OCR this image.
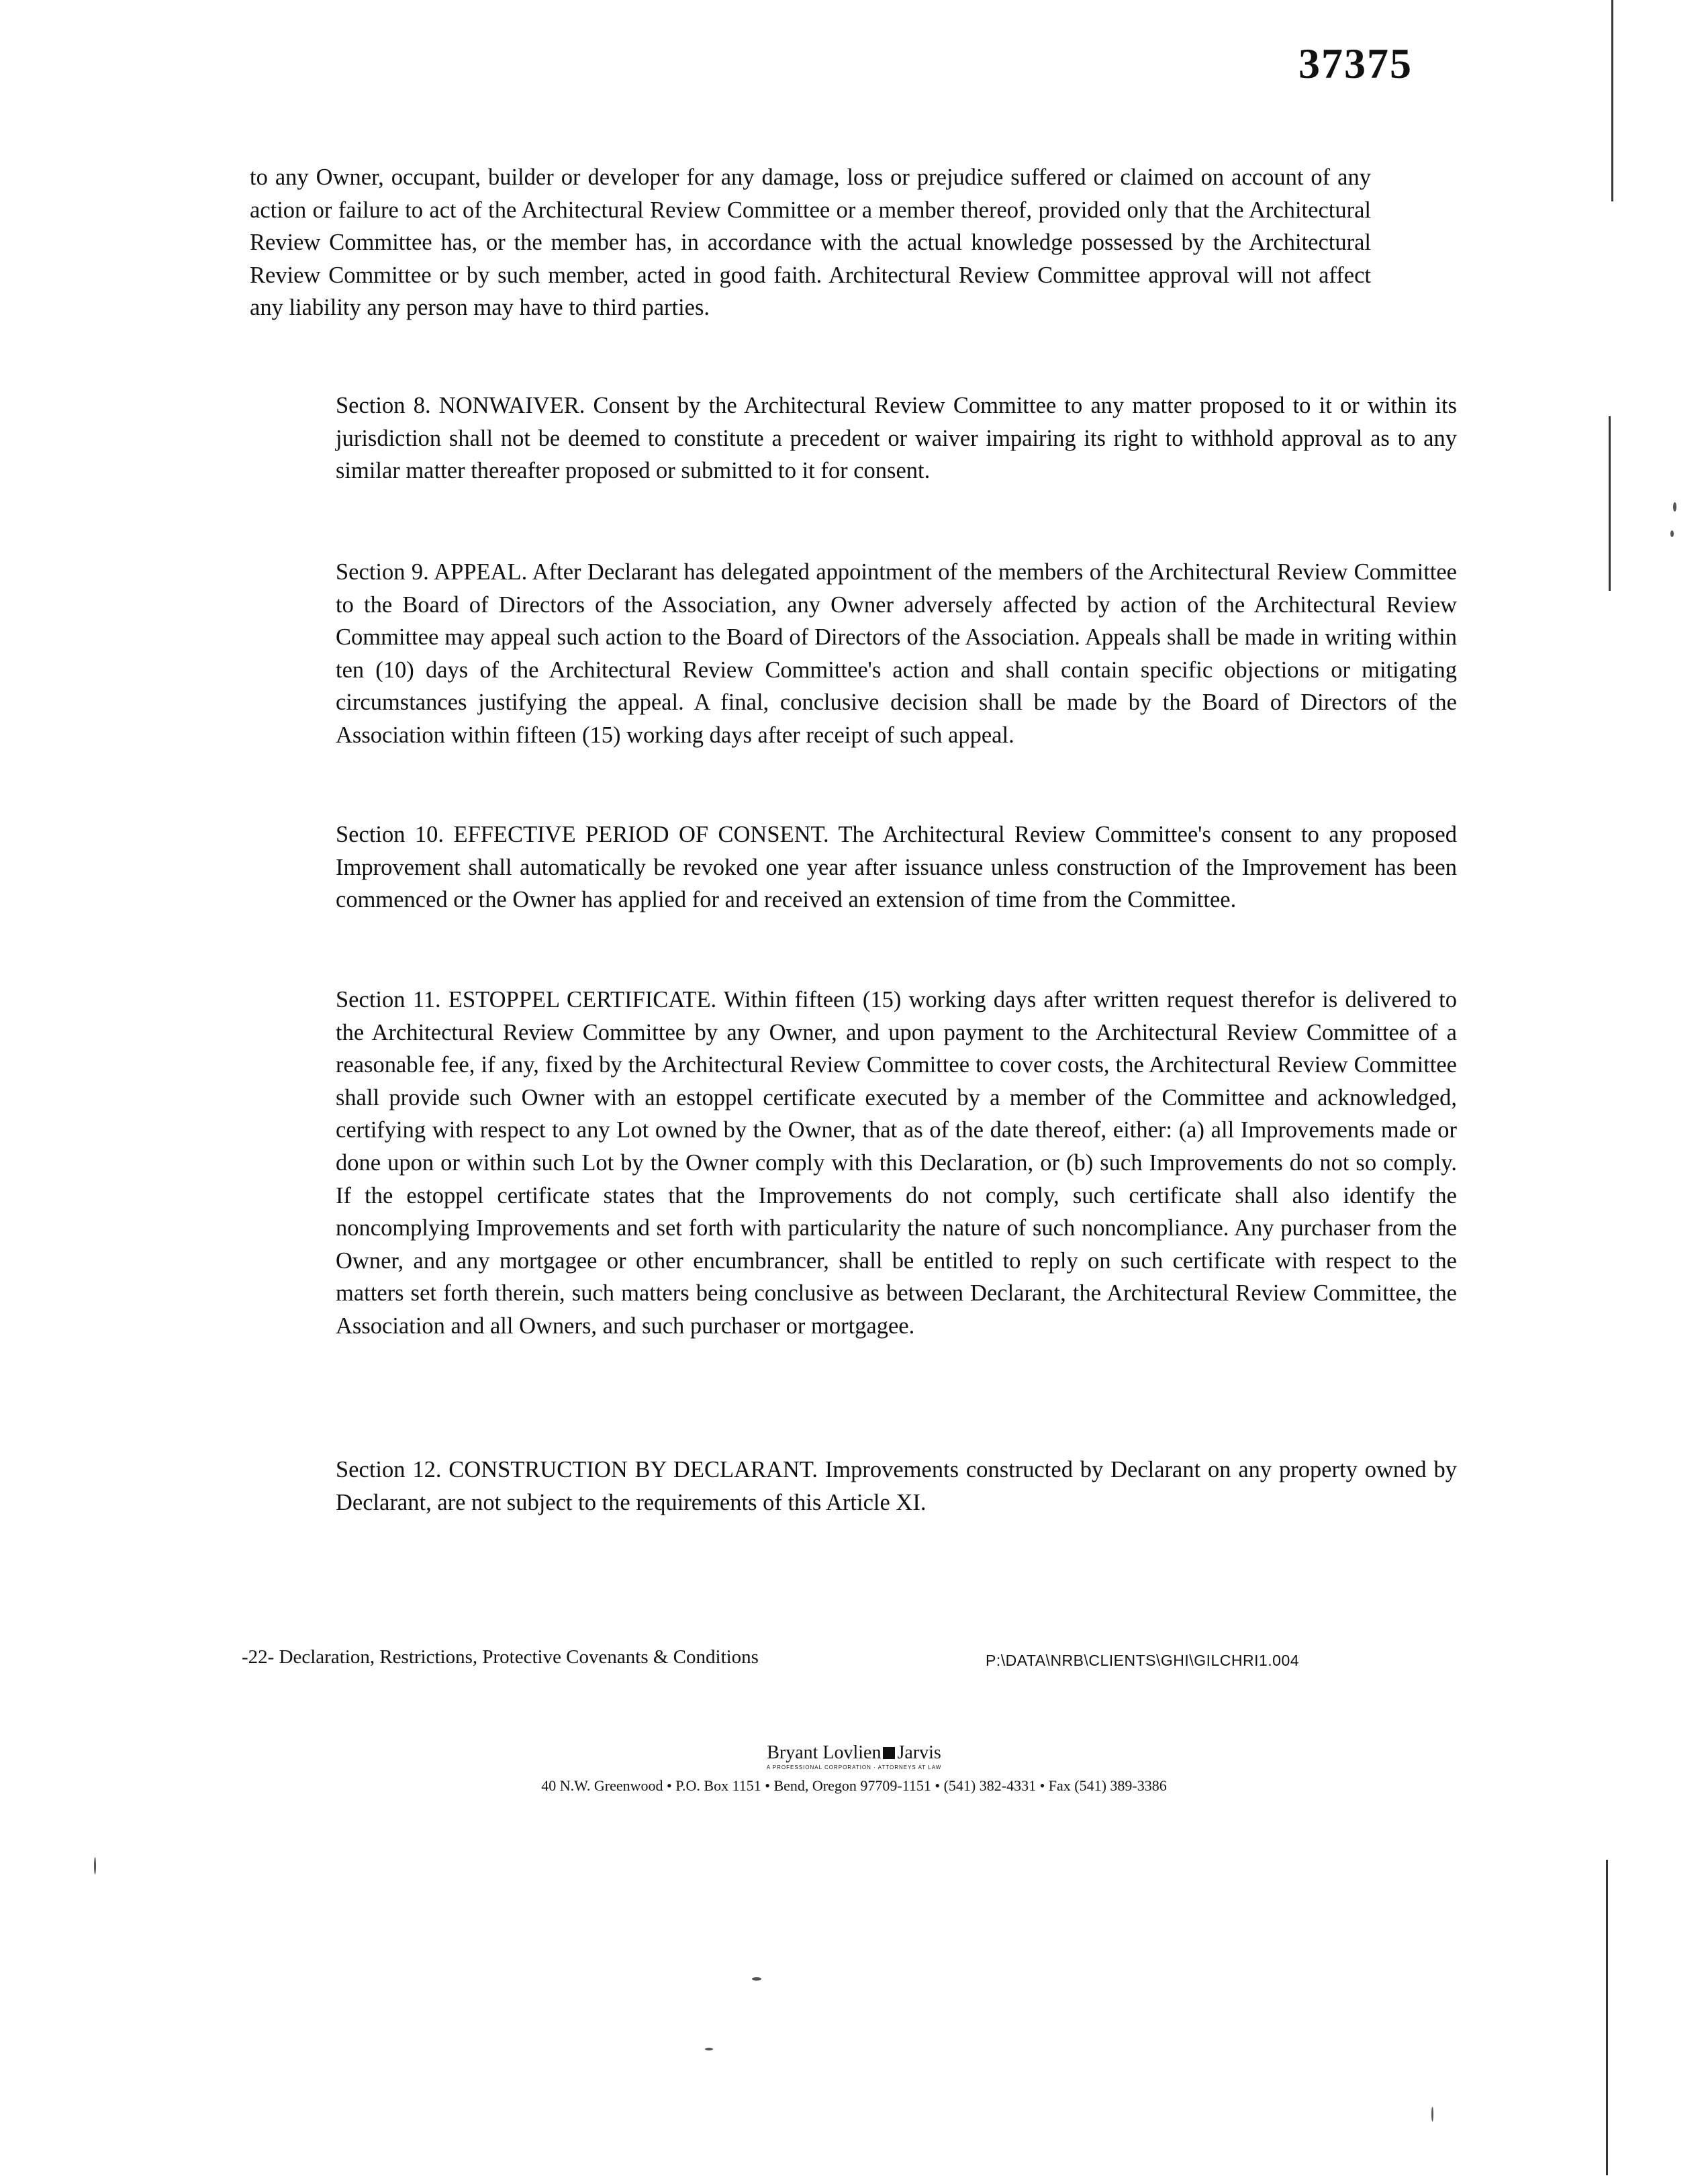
37375

to any Owner, occupant, builder or developer for any damage, loss or prejudice suffered or claimed on account of any action or failure to act of the Architectural Review Committee or a member thereof, provided only that the Architectural Review Committee has, or the member has, in accordance with the actual knowledge possessed by the Architectural Review Committee or by such member, acted in good faith. Architectural Review Committee approval will not affect any liability any person may have to third parties.

Section 8. NONWAIVER. Consent by the Architectural Review Committee to any matter proposed to it or within its jurisdiction shall not be deemed to constitute a precedent or waiver impairing its right to withhold approval as to any similar matter thereafter proposed or submitted to it for consent.

Section 9. APPEAL. After Declarant has delegated appointment of the members of the Architectural Review Committee to the Board of Directors of the Association, any Owner adversely affected by action of the Architectural Review Committee may appeal such action to the Board of Directors of the Association. Appeals shall be made in writing within ten (10) days of the Architectural Review Committee's action and shall contain specific objections or mitigating circumstances justifying the appeal. A final, conclusive decision shall be made by the Board of Directors of the Association within fifteen (15) working days after receipt of such appeal.

Section 10. EFFECTIVE PERIOD OF CONSENT. The Architectural Review Committee's consent to any proposed Improvement shall automatically be revoked one year after issuance unless construction of the Improvement has been commenced or the Owner has applied for and received an extension of time from the Committee.

Section 11. ESTOPPEL CERTIFICATE. Within fifteen (15) working days after written request therefor is delivered to the Architectural Review Committee by any Owner, and upon payment to the Architectural Review Committee of a reasonable fee, if any, fixed by the Architectural Review Committee to cover costs, the Architectural Review Committee shall provide such Owner with an estoppel certificate executed by a member of the Committee and acknowledged, certifying with respect to any Lot owned by the Owner, that as of the date thereof, either: (a) all Improvements made or done upon or within such Lot by the Owner comply with this Declaration, or (b) such Improvements do not so comply. If the estoppel certificate states that the Improvements do not comply, such certificate shall also identify the noncomplying Improvements and set forth with particularity the nature of such noncompliance. Any purchaser from the Owner, and any mortgagee or other encumbrancer, shall be entitled to reply on such certificate with respect to the matters set forth therein, such matters being conclusive as between Declarant, the Architectural Review Committee, the Association and all Owners, and such purchaser or mortgagee.

Section 12. CONSTRUCTION BY DECLARANT. Improvements constructed by Declarant on any property owned by Declarant, are not subject to the requirements of this Article XI.

-22- Declaration, Restrictions, Protective Covenants & Conditions	P:\DATA\NRB\CLIENTS\GHI\GILCHRI1.004
Bryant Lovlien Jarvis
A PROFESSIONAL CORPORATION · ATTORNEYS AT LAW
40 N.W. Greenwood • P.O. Box 1151 • Bend, Oregon 97709-1151 • (541) 382-4331 • Fax (541) 389-3386
